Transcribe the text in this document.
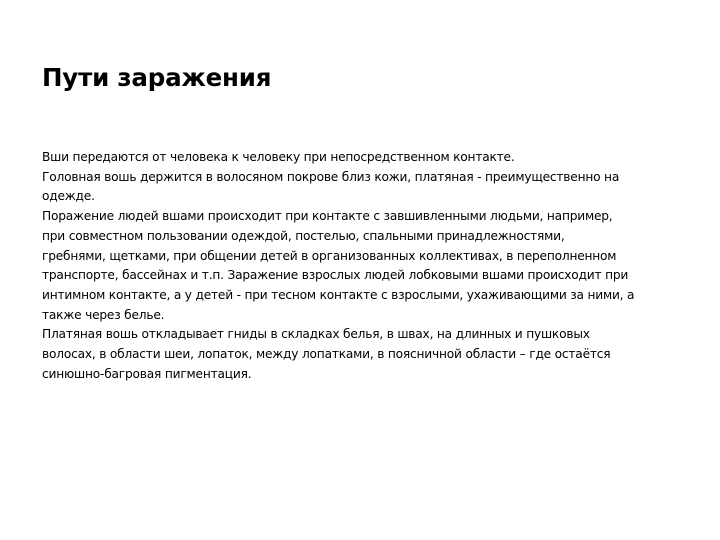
Пути заражения
Вши передаются от человека к человеку при непосредственном контакте.
Головная вошь держится в волосяном покрове близ кожи, платяная - преимущественно на
одежде.
Поражение людей вшами происходит при контакте с завшивленными людьми, например,
при совместном пользовании одеждой, постелью, спальными принадлежностями,
гребнями, щетками, при общении детей в организованных коллективах, в переполненном
транспорте, бассейнах и т.п. Заражение взрослых людей лобковыми вшами происходит при
интимном контакте, а у детей - при тесном контакте с взрослыми, ухаживающими за ними, а
также через белье.
Платяная вошь откладывает гниды в складках белья, в швах, на длинных и пушковых
волосах, в области шеи, лопаток, между лопатками, в поясничной области – где остаётся
синюшно-багровая пигментация.
